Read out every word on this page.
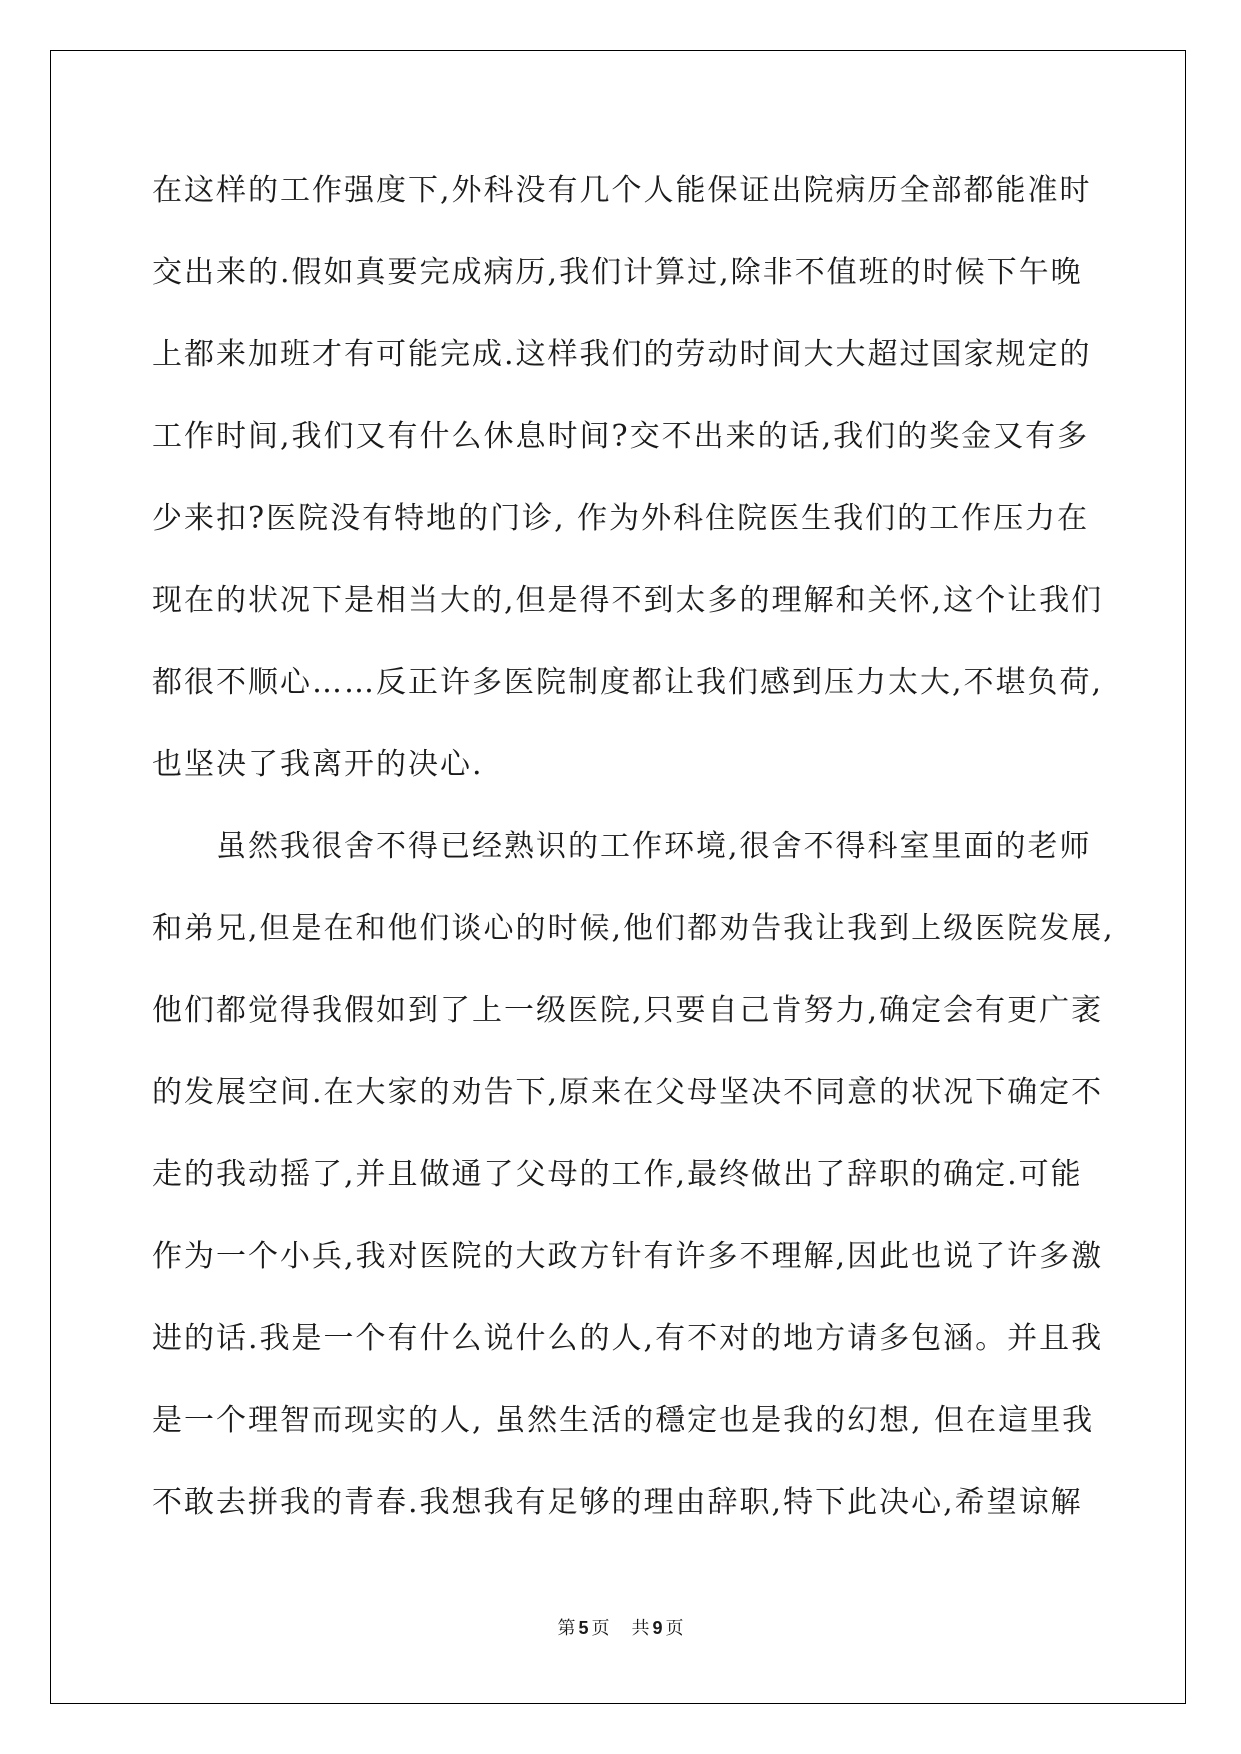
在这样的工作强度下,外科没有几个人能保证出院病历全部都能准时
交出来的.假如真要完成病历,我们计算过,除非不值班的时候下午晚
上都来加班才有可能完成.这样我们的劳动时间大大超过国家规定的
工作时间,我们又有什么休息时间?交不出来的话,我们的奖金又有多
少来扣?医院没有特地的门诊, 作为外科住院医生我们的工作压力在
现在的状况下是相当大的,但是得不到太多的理解和关怀,这个让我们
都很不顺心……反正许多医院制度都让我们感到压力太大,不堪负荷,
也坚决了我离开的决心.
虽然我很舍不得已经熟识的工作环境,很舍不得科室里面的老师
和弟兄,但是在和他们谈心的时候,他们都劝告我让我到上级医院发展,
他们都觉得我假如到了上一级医院,只要自己肯努力,确定会有更广袤
的发展空间.在大家的劝告下,原来在父母坚决不同意的状况下确定不
走的我动摇了,并且做通了父母的工作,最终做出了辞职的确定.可能
作为一个小兵,我对医院的大政方针有许多不理解,因此也说了许多激
进的话.我是一个有什么说什么的人,有不对的地方请多包涵。并且我
是一个理智而现实的人, 虽然生活的穩定也是我的幻想, 但在這里我
不敢去拼我的青春.我想我有足够的理由辞职,特下此决心,希望谅解
第 5 页 共 9 页
